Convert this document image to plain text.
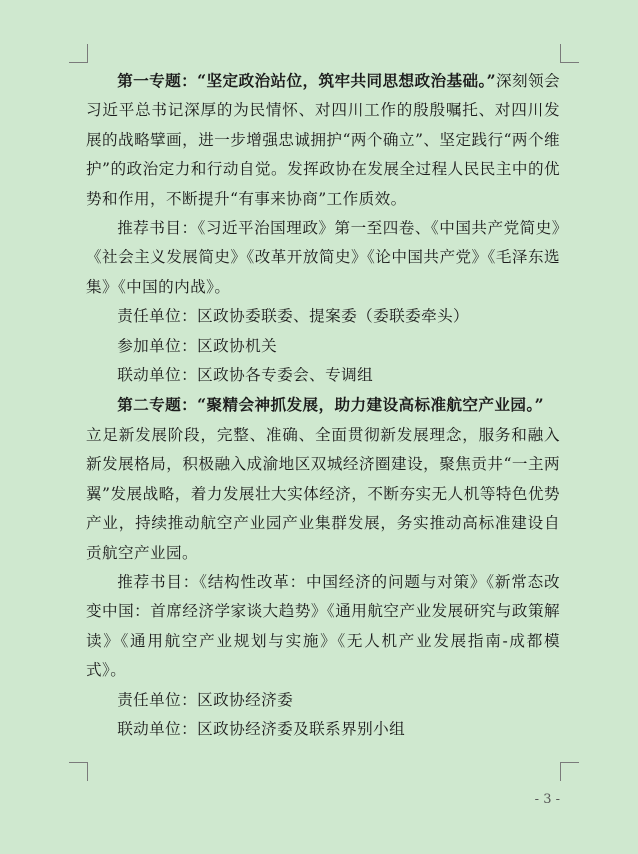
第一专题：“坚定政治站位，筑牢共同思想政治基础。”深刻领会习近平总书记深厚的为民情怀、对四川工作的殷殷嘱托、对四川发展的战略擘画，进一步增强忠诚拥护“两个确立”、坚定践行“两个维护”的政治定力和行动自觉。发挥政协在发展全过程人民民主中的优势和作用，不断提升“有事来协商”工作质效。

推荐书目：《习近平治国理政》第一至四卷、《中国共产党简史》《社会主义发展简史》《改革开放简史》《论中国共产党》《毛泽东选集》《中国的内战》。

责任单位：区政协委联委、提案委（委联委牵头）

参加单位：区政协机关

联动单位：区政协各专委会、专调组

第二专题：“聚精会神抓发展，助力建设高标准航空产业园。”

立足新发展阶段，完整、准确、全面贯彻新发展理念，服务和融入新发展格局，积极融入成渝地区双城经济圈建设，聚焦贡井“一主两翼”发展战略，着力发展壮大实体经济，不断夯实无人机等特色优势产业，持续推动航空产业园产业集群发展，务实推动高标准建设自贡航空产业园。

推荐书目：《结构性改革：中国经济的问题与对策》《新常态改变中国：首席经济学家谈大趋势》《通用航空产业发展研究与政策解读》《通用航空产业规划与实施》《无人机产业发展指南-成都模式》。

责任单位：区政协经济委

联动单位：区政协经济委及联系界别小组

- 3 -
